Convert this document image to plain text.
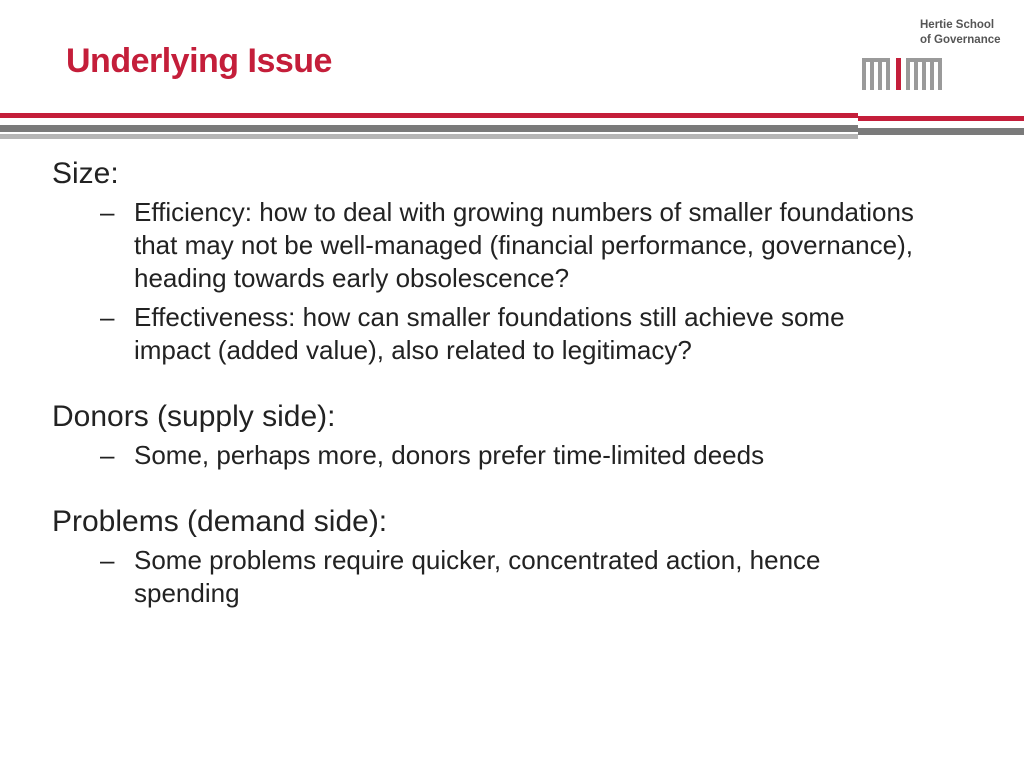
Underlying Issue
Hertie School
of Governance
Size:
– Efficiency: how to deal with growing numbers of smaller foundations that may not be well-managed (financial performance, governance), heading towards early obsolescence?
– Effectiveness: how can smaller foundations still achieve some impact (added value), also related to legitimacy?
Donors (supply side):
– Some, perhaps more, donors prefer time-limited deeds
Problems (demand side):
– Some problems require quicker, concentrated action, hence spending
